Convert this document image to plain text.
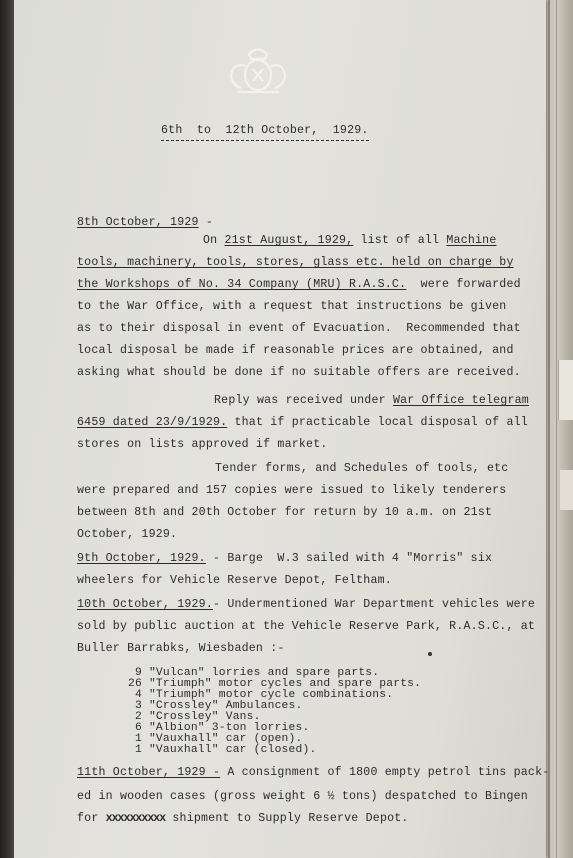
6th  to  12th October,  1929.
8th October, 1929 -
On 21st August, 1929, list of all Machine
tools, machinery, tools, stores, glass etc. held on charge by
the Workshops of No. 34 Company (MRU) R.A.S.C.  were forwarded
to the War Office, with a request that instructions be given
as to their disposal in event of Evacuation.  Recommended that
local disposal be made if reasonable prices are obtained, and
asking what should be done if no suitable offers are received.
Reply was received under War Office telegram
6459 dated 23/9/1929. that if practicable local disposal of all
stores on lists approved if market.
Tender forms, and Schedules of tools, etc
were prepared and 157 copies were issued to likely tenderers
between 8th and 20th October for return by 10 a.m. on 21st
October, 1929.
9th October, 1929. - Barge  W.3 sailed with 4 "Morris" six
wheelers for Vehicle Reserve Depot, Feltham.
10th October, 1929.- Undermentioned War Department vehicles were
sold by public auction at the Vehicle Reserve Park, R.A.S.C., at
Buller Barrabks, Wiesbaden :-
9 "Vulcan" lorries and spare parts.
26 "Triumph" motor cycles and spare parts.
4 "Triumph" motor cycle combinations.
3 "Crossley" Ambulances.
2 "Crossley" Vans.
6 "Albion" 3-ton lorries.
1 "Vauxhall" car (open).
1 "Vauxhall" car (closed).
11th October, 1929 - A consignment of 1800 empty petrol tins pack-
ed in wooden cases (gross weight 6 ½ tons) despatched to Bingen
for xxxxxxxxxx shipment to Supply Reserve Depot.
